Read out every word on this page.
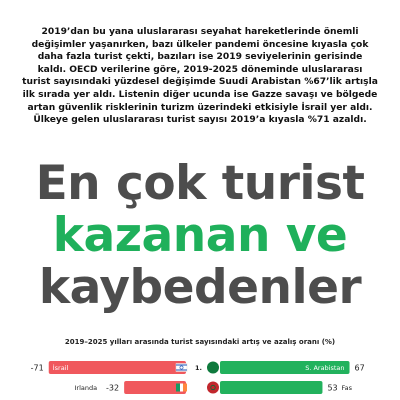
2019’dan bu yana uluslararası seyahat hareketlerinde önemli değişimler yaşanırken, bazı ülkeler pandemi öncesine kıyasla çok daha fazla turist çekti, bazıları ise 2019 seviyelerinin gerisinde kaldı. OECD verilerine göre, 2019-2025 döneminde uluslararası turist sayısındaki yüzdesel değişimde Suudi Arabistan %67’lik artışla ilk sırada yer aldı. Listenin diğer ucunda ise Gazze savaşı ve bölgede artan güvenlik risklerinin turizm üzerindeki etkisiyle İsrail yer aldı. Ülkeye gelen uluslararası turist sayısı 2019’a kıyasla %71 azaldı.
En çok turist
kazanan ve
kaybedenler
2019–2025 yılları arasında turist sayısındaki artış ve azalış oranı (%)
-71 İsrail
-32
Irlanda
67
1.	S. Arabistan
53 Fas
